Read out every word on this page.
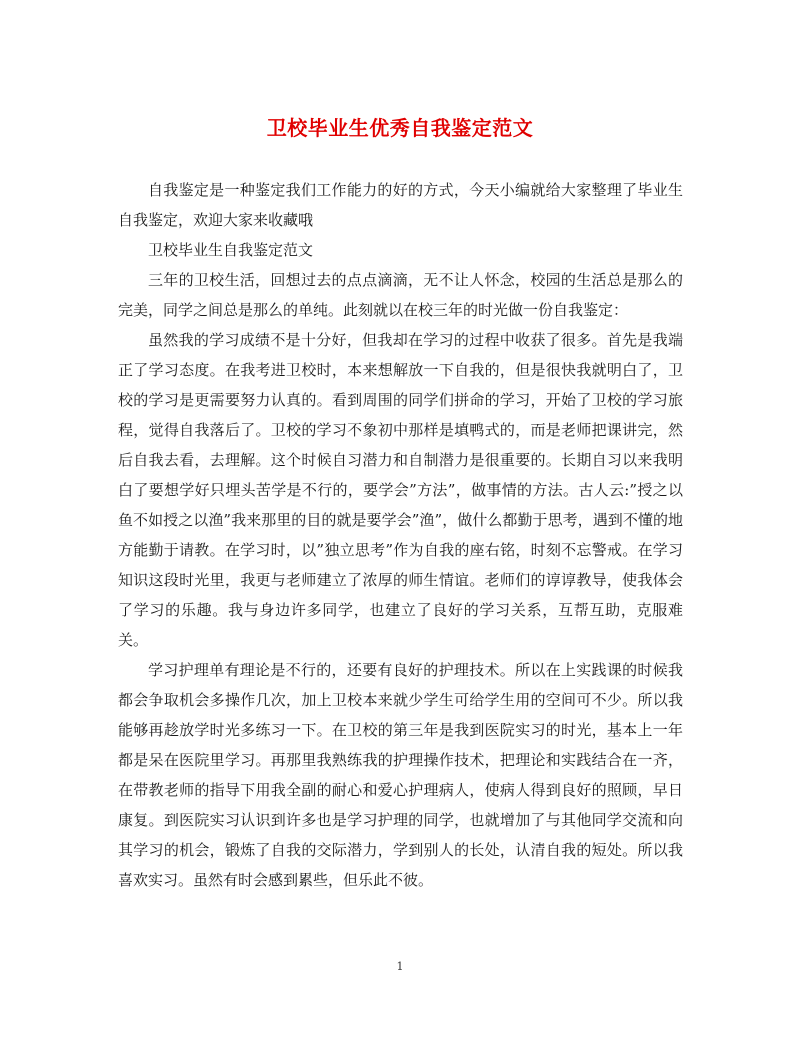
卫校毕业生优秀自我鉴定范文

自我鉴定是一种鉴定我们工作能力的好的方式，今天小编就给大家整理了毕业生自我鉴定，欢迎大家来收藏哦

卫校毕业生自我鉴定范文

三年的卫校生活，回想过去的点点滴滴，无不让人怀念，校园的生活总是那么的完美，同学之间总是那么的单纯。此刻就以在校三年的时光做一份自我鉴定：

虽然我的学习成绩不是十分好，但我却在学习的过程中收获了很多。首先是我端正了学习态度。在我考进卫校时，本来想解放一下自我的，但是很快我就明白了，卫校的学习是更需要努力认真的。看到周围的同学们拼命的学习，开始了卫校的学习旅程，觉得自我落后了。卫校的学习不象初中那样是填鸭式的，而是老师把课讲完，然后自我去看，去理解。这个时候自习潜力和自制潜力是很重要的。长期自习以来我明白了要想学好只埋头苦学是不行的，要学会”方法”，做事情的方法。古人云:”授之以鱼不如授之以渔”我来那里的目的就是要学会”渔”，做什么都勤于思考，遇到不懂的地方能勤于请教。在学习时，以”独立思考”作为自我的座右铭，时刻不忘警戒。在学习知识这段时光里，我更与老师建立了浓厚的师生情谊。老师们的谆谆教导，使我体会了学习的乐趣。我与身边许多同学，也建立了良好的学习关系，互帮互助，克服难关。

学习护理单有理论是不行的，还要有良好的护理技术。所以在上实践课的时候我都会争取机会多操作几次，加上卫校本来就少学生可给学生用的空间可不少。所以我能够再趁放学时光多练习一下。在卫校的第三年是我到医院实习的时光，基本上一年都是呆在医院里学习。再那里我熟练我的护理操作技术，把理论和实践结合在一齐，在带教老师的指导下用我全副的耐心和爱心护理病人，使病人得到良好的照顾，早日康复。到医院实习认识到许多也是学习护理的同学，也就增加了与其他同学交流和向其学习的机会，锻炼了自我的交际潜力，学到别人的长处，认清自我的短处。所以我喜欢实习。虽然有时会感到累些，但乐此不彼。

1
